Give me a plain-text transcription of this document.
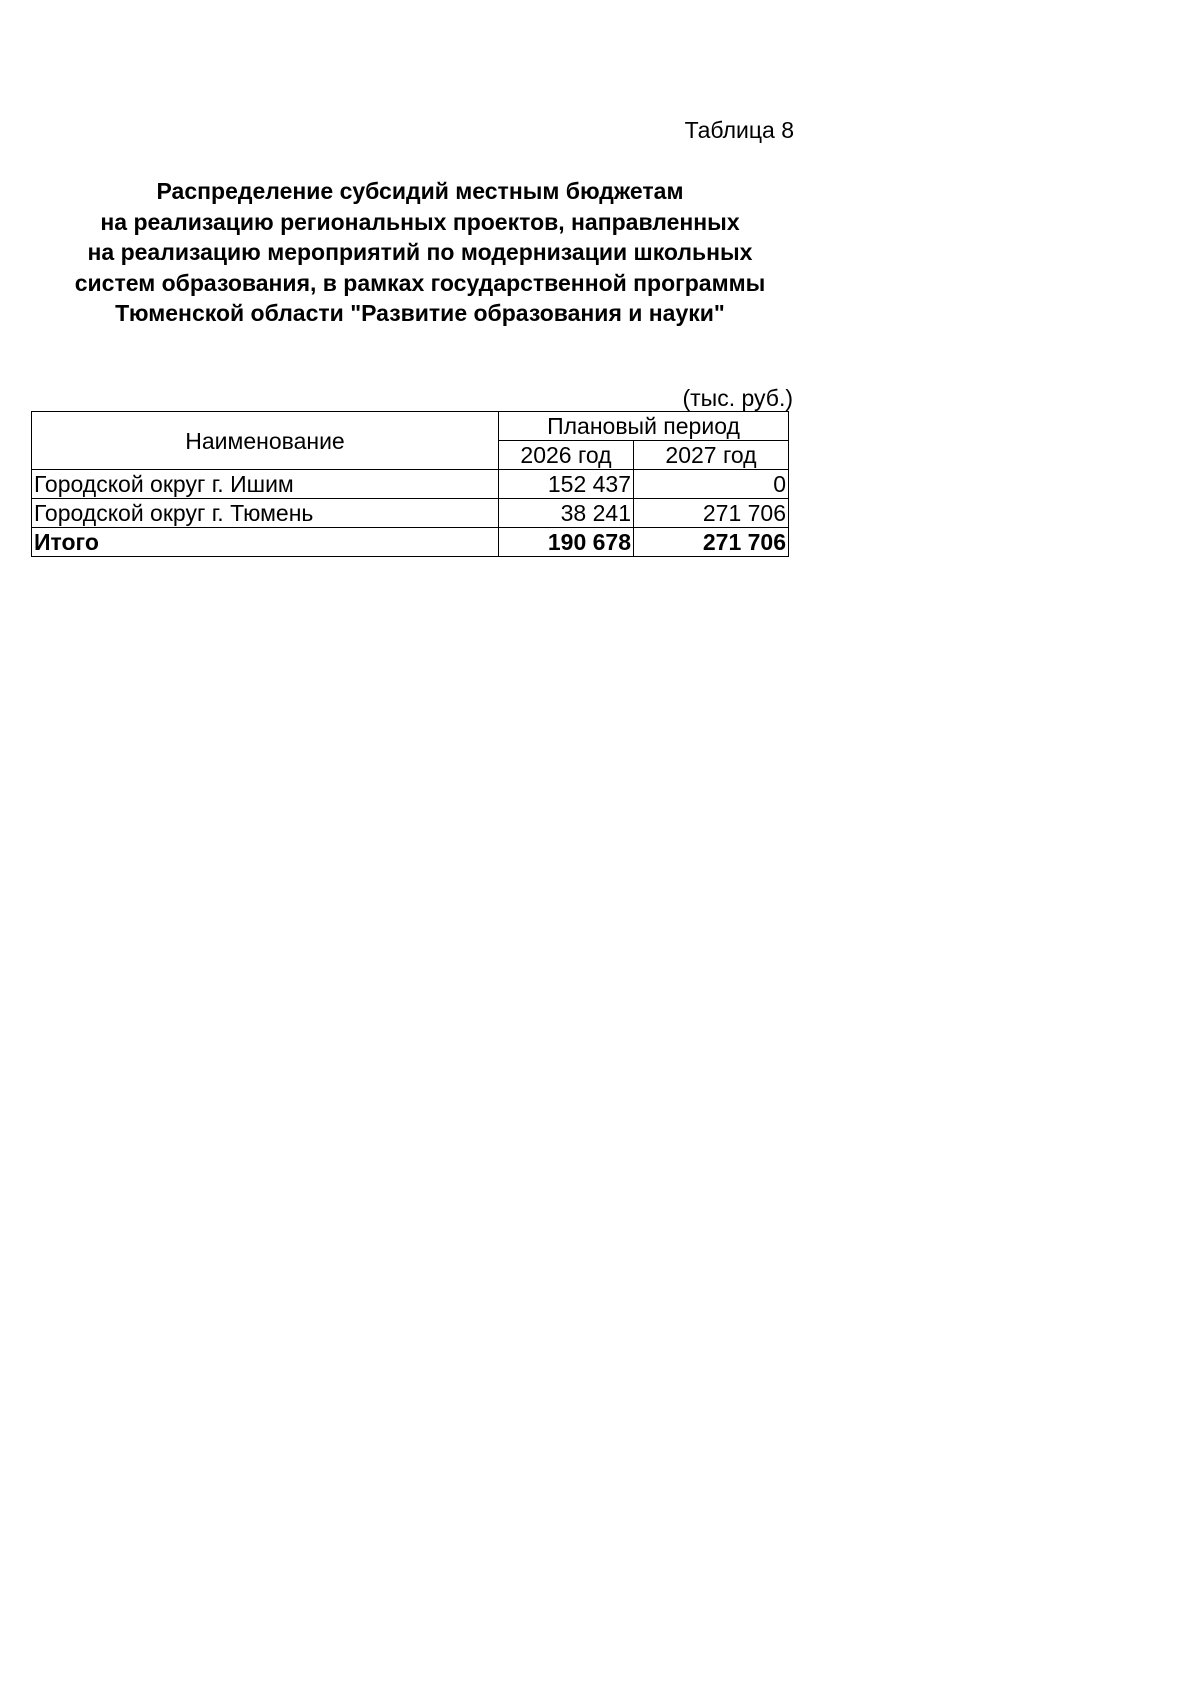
Таблица 8
Распределение субсидий местным бюджетам
на реализацию региональных проектов, направленных
на реализацию мероприятий по модернизации школьных
систем образования, в рамках государственной программы
Тюменской области "Развитие образования и науки"
(тыс. руб.)
Наименование	Плановый период	
	2026 год	2027 год
Городской округ г. Ишим	152 437	0
Городской округ г. Тюмень	38 241	271 706
Итого	190 678	271 706
